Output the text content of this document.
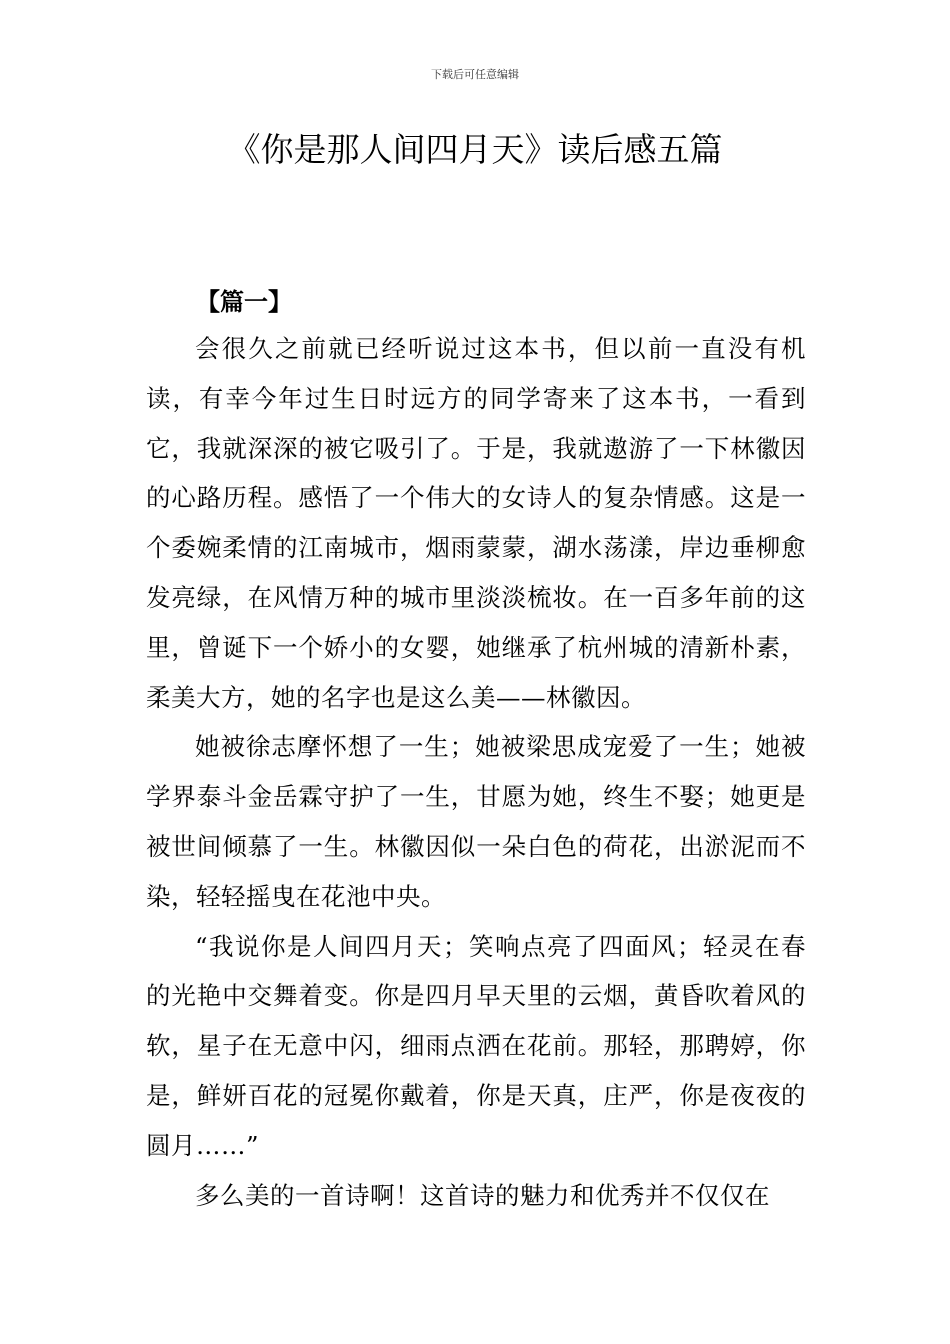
下载后可任意编辑
《你是那人间四月天》读后感五篇
【篇一】

会很久之前就已经听说过这本书，但以前一直没有机读，有幸今年过生日时远方的同学寄来了这本书，一看到它，我就深深的被它吸引了。于是，我就遨游了一下林徽因的心路历程。感悟了一个伟大的女诗人的复杂情感。这是一个委婉柔情的江南城市，烟雨蒙蒙，湖水荡漾，岸边垂柳愈发亮绿，在风情万种的城市里淡淡梳妆。在一百多年前的这里，曾诞下一个娇小的女婴，她继承了杭州城的清新朴素，柔美大方，她的名字也是这么美——林徽因。

她被徐志摩怀想了一生；她被梁思成宠爱了一生；她被学界泰斗金岳霖守护了一生，甘愿为她，终生不娶；她更是被世间倾慕了一生。林徽因似一朵白色的荷花，出淤泥而不染，轻轻摇曳在花池中央。

“我说你是人间四月天；笑响点亮了四面风；轻灵在春的光艳中交舞着变。你是四月早天里的云烟，黄昏吹着风的软，星子在无意中闪，细雨点洒在花前。那轻，那聘婷，你是，鲜妍百花的冠冕你戴着，你是天真，庄严，你是夜夜的圆月……”

多么美的一首诗啊！这首诗的魅力和优秀并不仅仅在
